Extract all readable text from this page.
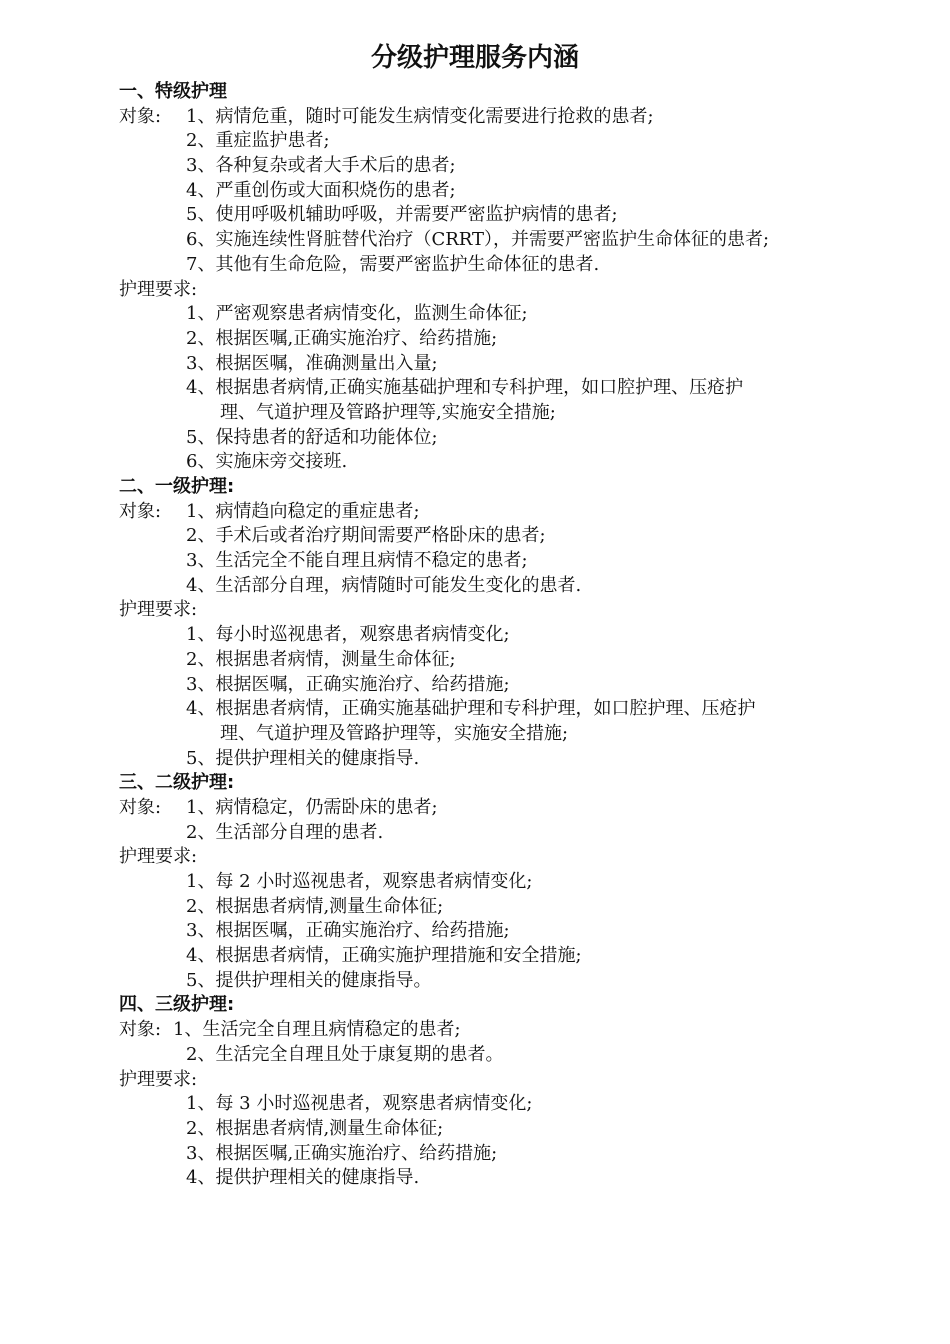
分级护理服务内涵
一、特级护理
对象: 1、病情危重，随时可能发生病情变化需要进行抢救的患者;
2、重症监护患者;
3、各种复杂或者大手术后的患者;
4、严重创伤或大面积烧伤的患者;
5、使用呼吸机辅助呼吸，并需要严密监护病情的患者;
6、实施连续性肾脏替代治疗（CRRT），并需要严密监护生命体征的患者;
7、其他有生命危险，需要严密监护生命体征的患者.
护理要求:
1、严密观察患者病情变化，监测生命体征;
2、根据医嘱,正确实施治疗、给药措施;
3、根据医嘱，准确测量出入量;
4、根据患者病情,正确实施基础护理和专科护理，如口腔护理、压疮护
理、气道护理及管路护理等,实施安全措施;
5、保持患者的舒适和功能体位;
6、实施床旁交接班.
二、一级护理:
对象: 1、病情趋向稳定的重症患者;
2、手术后或者治疗期间需要严格卧床的患者;
3、生活完全不能自理且病情不稳定的患者;
4、生活部分自理，病情随时可能发生变化的患者.
护理要求:
1、每小时巡视患者，观察患者病情变化;
2、根据患者病情，测量生命体征;
3、根据医嘱，正确实施治疗、给药措施;
4、根据患者病情，正确实施基础护理和专科护理，如口腔护理、压疮护
理、气道护理及管路护理等，实施安全措施;
5、提供护理相关的健康指导.
三、二级护理:
对象: 1、病情稳定，仍需卧床的患者;
2、生活部分自理的患者.
护理要求:
1、每 2 小时巡视患者，观察患者病情变化;
2、根据患者病情,测量生命体征;
3、根据医嘱，正确实施治疗、给药措施;
4、根据患者病情，正确实施护理措施和安全措施;
5、提供护理相关的健康指导。
四、三级护理:
对象: 1、生活完全自理且病情稳定的患者;
2、生活完全自理且处于康复期的患者。
护理要求:
1、每 3 小时巡视患者，观察患者病情变化;
2、根据患者病情,测量生命体征;
3、根据医嘱,正确实施治疗、给药措施;
4、提供护理相关的健康指导.
